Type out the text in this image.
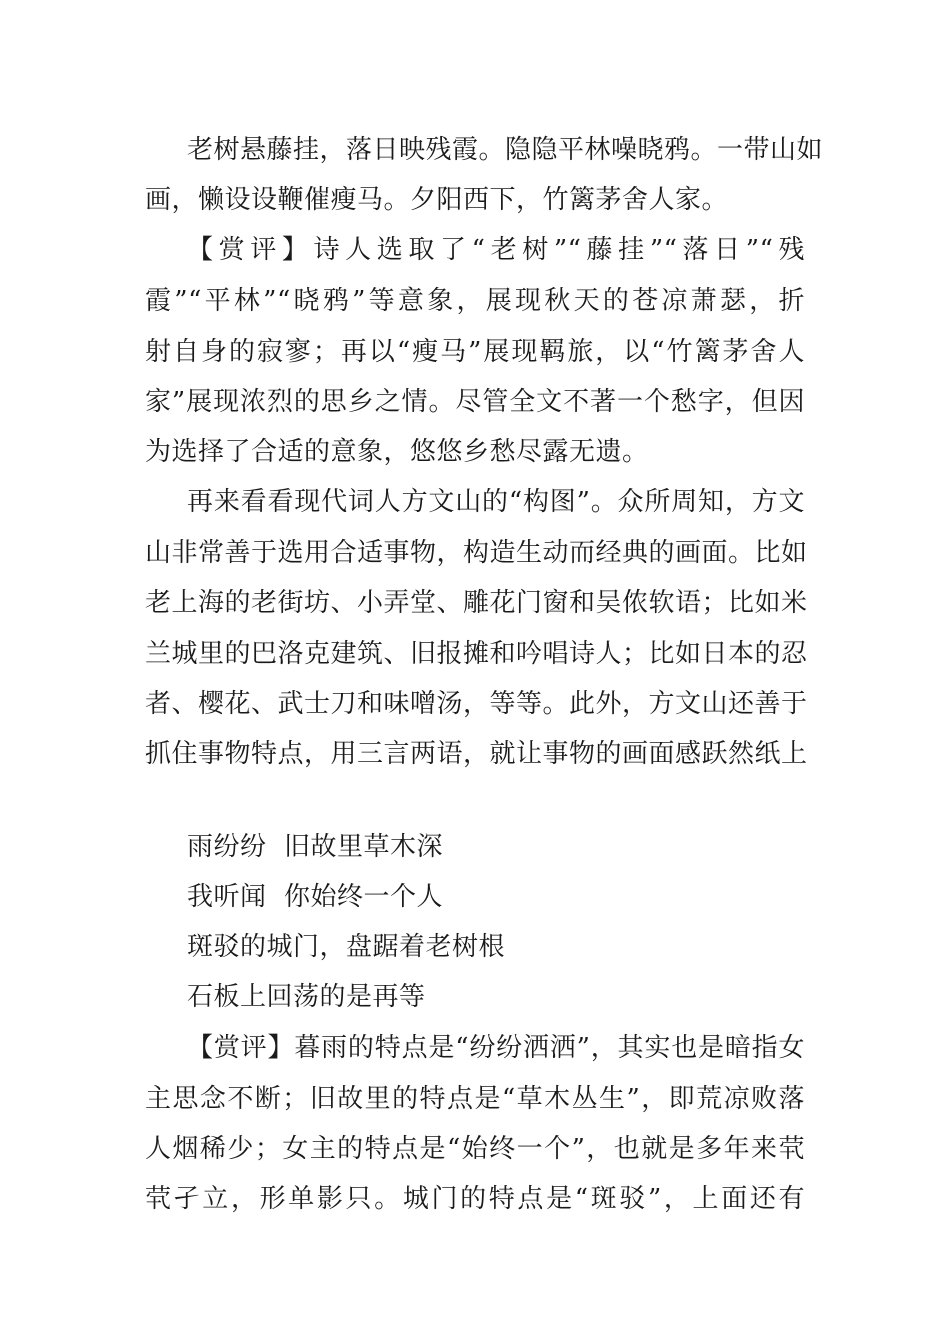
老树悬藤挂，落日映残霞。隐隐平林噪晓鸦。一带山如
画，懒设设鞭催瘦马。夕阳西下，竹篱茅舍人家。
【赏评】诗人选取了“老树”“藤挂”“落日”“残
霞”“平林”“晓鸦”等意象，展现秋天的苍凉萧瑟，折
射自身的寂寥；再以“瘦马”展现羁旅，以“竹篱茅舍人
家”展现浓烈的思乡之情。尽管全文不著一个愁字，但因
为选择了合适的意象，悠悠乡愁尽露无遗。
再来看看现代词人方文山的“构图”。众所周知，方文
山非常善于选用合适事物，构造生动而经典的画面。比如
老上海的老街坊、小弄堂、雕花门窗和吴侬软语；比如米
兰城里的巴洛克建筑、旧报摊和吟唱诗人；比如日本的忍
者、樱花、武士刀和味噌汤，等等。此外，方文山还善于
抓住事物特点，用三言两语，就让事物的画面感跃然纸上
雨纷纷  旧故里草木深
我听闻  你始终一个人
斑驳的城门，盘踞着老树根
石板上回荡的是再等
【赏评】暮雨的特点是“纷纷洒洒”，其实也是暗指女
主思念不断；旧故里的特点是“草木丛生”，即荒凉败落
人烟稀少；女主的特点是“始终一个”，也就是多年来茕
茕孑立，形单影只。城门的特点是“斑驳”，上面还有
